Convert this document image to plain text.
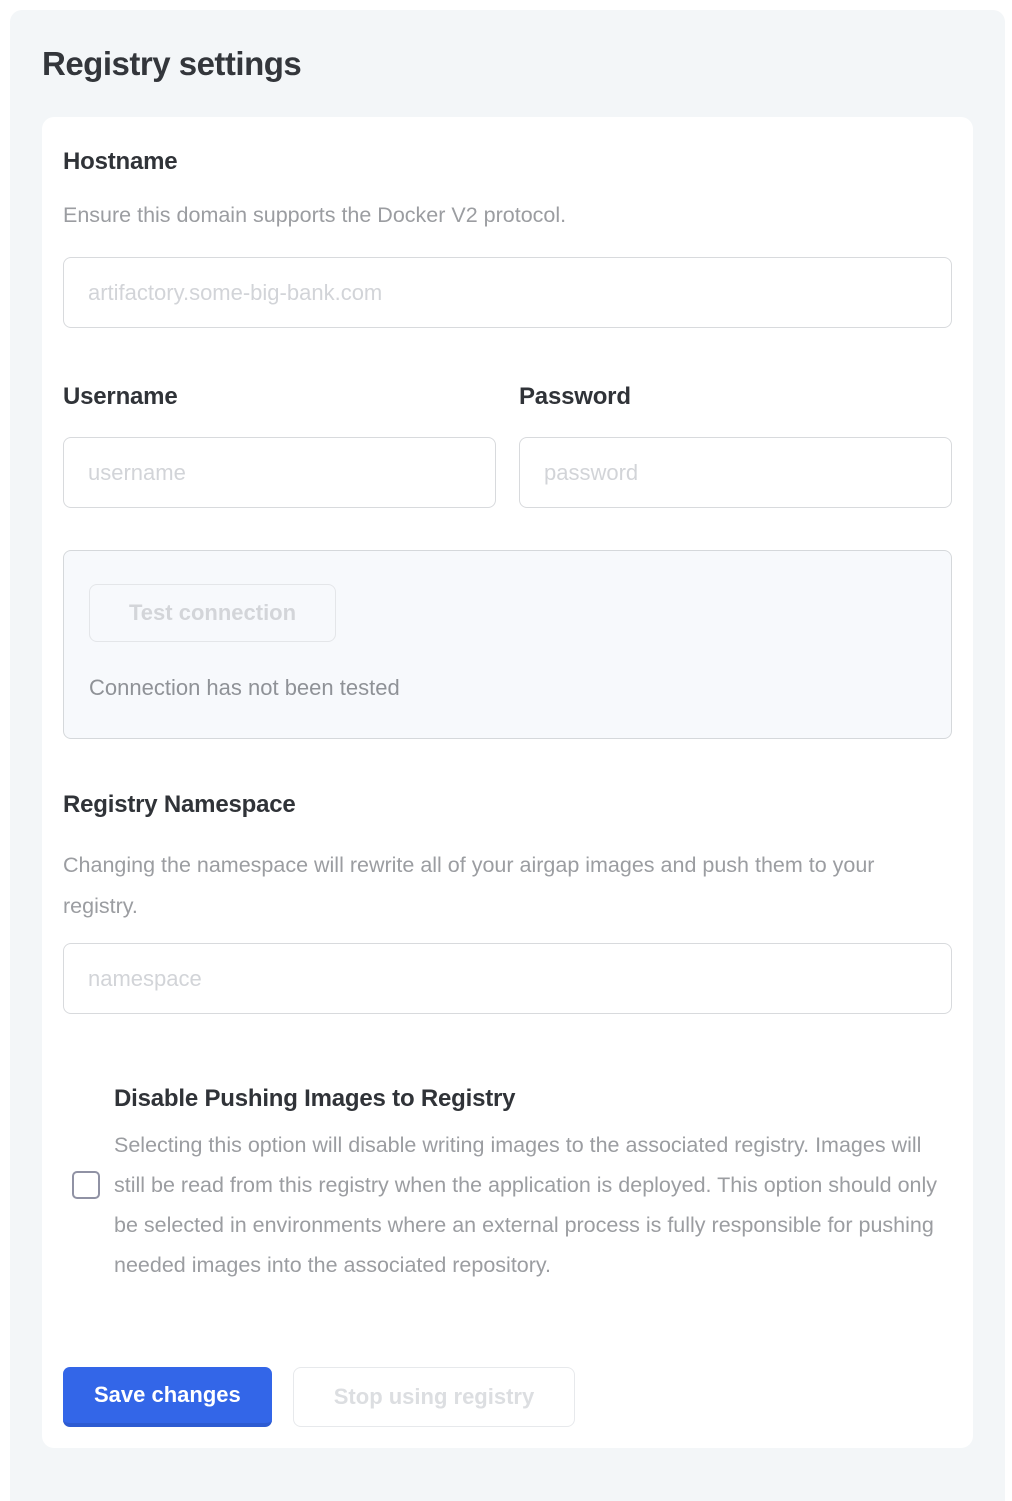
Registry settings

Hostname

Ensure this domain supports the Docker V2 protocol.

artifactory.some-big-bank.com

Username

username	Password

Test connection

Connection has not been tested

Registry Namespace

Changing the namespace will rewrite all of your airgap images and push them to your registry.

namespace

Disable Pushing Images to Registry

Selecting this option will disable writing images to the associated registry. Images will still be read from this registry when the application is deployed. This option should only be selected in environments where an external process is fully responsible for pushing needed images into the associated repository.

Save changes	Stop using registry
